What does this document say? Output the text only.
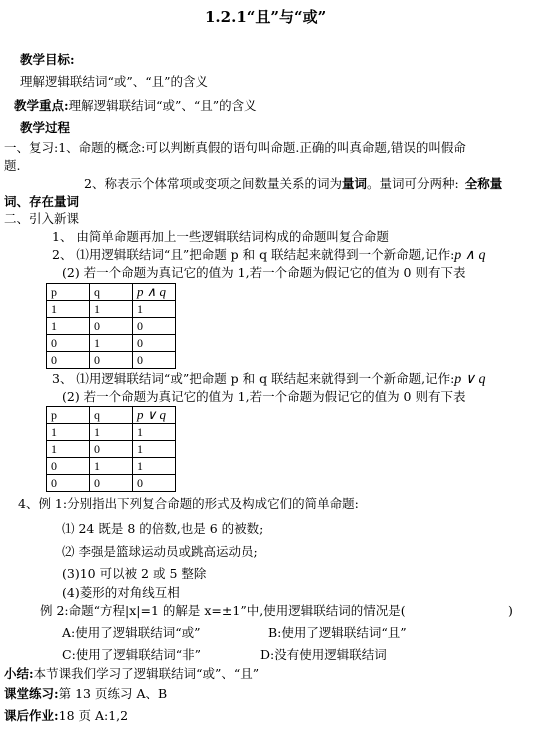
1.2.1“且”与“或”
教学目标:
理解逻辑联结词“或”、“且”的含义
教学重点:理解逻辑联结词“或”、“且”的含义
教学过程
一、复习:1、命题的概念:可以判断真假的语句叫命题.正确的叫真命题,错误的叫假命
题.
2、称表示个体常项或变项之间数量关系的词为量词。量词可分两种: 全称量
词、存在量词
二、引入新课
1、 由简单命题再加上一些逻辑联结词构成的命题叫复合命题
2、 ⑴用逻辑联结词“且”把命题 p 和 q 联结起来就得到一个新命题,记作:p ∧ q
(2) 若一个命题为真记它的值为 1,若一个命题为假记它的值为 0 则有下表
p	q	p ∧ q
1	1	1
1	0	0
0	1	0
0	0	0
3、 ⑴用逻辑联结词“或”把命题 p 和 q 联结起来就得到一个新命题,记作:p ∨ q
(2) 若一个命题为真记它的值为 1,若一个命题为假记它的值为 0 则有下表
p	q	p ∨ q
1	1	1
1	0	1
0	1	1
0	0	0
4、例 1:分别指出下列复合命题的形式及构成它们的简单命题:
⑴ 24 既是 8 的倍数,也是 6 的被数;
⑵ 李强是篮球运动员或跳高运动员;
(3)10 可以被 2 或 5 整除
(4)菱形的对角线互相
例 2:命题“方程|x|=1 的解是 x=±1”中,使用逻辑联结词的情况是(	)
A:使用了逻辑联结词“或”	B:使用了逻辑联结词“且”
C:使用了逻辑联结词“非”	D:没有使用逻辑联结词
小结:本节课我们学习了逻辑联结词“或”、“且”
课堂练习:第 13 页练习 A、B
课后作业:18 页 A:1,2
